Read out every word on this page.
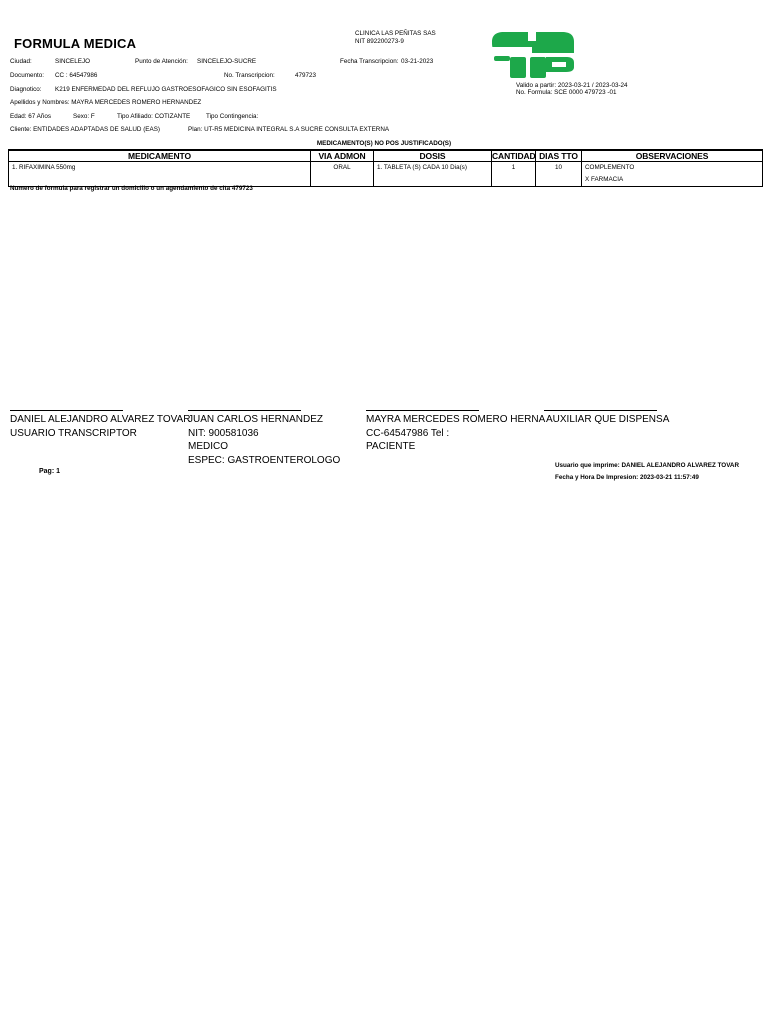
FORMULA MEDICA
CLINICA LAS PEÑITAS SAS
NIT 892200273-9
Fecha Transcripcion: 03-21-2023
Valido a partir: 2023-03-21 / 2023-03-24
No. Formula: SCE 0000 479723 -01
Ciudad:	SINCELEJO	Punto de Atención: SINCELEJO-SUCRE
Documento: CC : 64547986	No. Transcripcion:	479723
Diagnotico: K219 ENFERMEDAD DEL REFLUJO GASTROESOFAGICO SIN ESOFAGITIS
Apellidos y Nombres: MAYRA MERCEDES ROMERO HERNANDEZ
Edad: 67 Años	Sexo: F	Tipo Afiliado: COTIZANTE Tipo Contingencia:
Cliente: ENTIDADES ADAPTADAS DE SALUD (EAS)	Plan: UT-R5 MEDICINA INTEGRAL S.A SUCRE CONSULTA EXTERNA
MEDICAMENTO(S) NO POS JUSTIFICADO(S)
MEDICAMENTO	VIA ADMON	DOSIS	CANTIDAD	DIAS TTO	OBSERVACIONES
1. RIFAXIMINA 550mg	ORAL	1. TABLETA (S) CADA 10 Dia(s)	1	10	COMPLEMENTO
					X FARMACIA
Numero de formula para registrar un domicilio o un agendamiento de cita 479723
DANIEL ALEJANDRO ALVAREZ TOVAR
USUARIO TRANSCRIPTOR
JUAN CARLOS HERNANDEZ
NIT: 900581036
MEDICO
ESPEC: GASTROENTEROLOGO
MAYRA MERCEDES ROMERO HERNA
CC-64547986 Tel :
PACIENTE
AUXILIAR QUE DISPENSA
Pag: 1
Usuario que imprime: DANIEL ALEJANDRO ALVAREZ TOVAR
Fecha y Hora De Impresion: 2023-03-21 11:57:49
